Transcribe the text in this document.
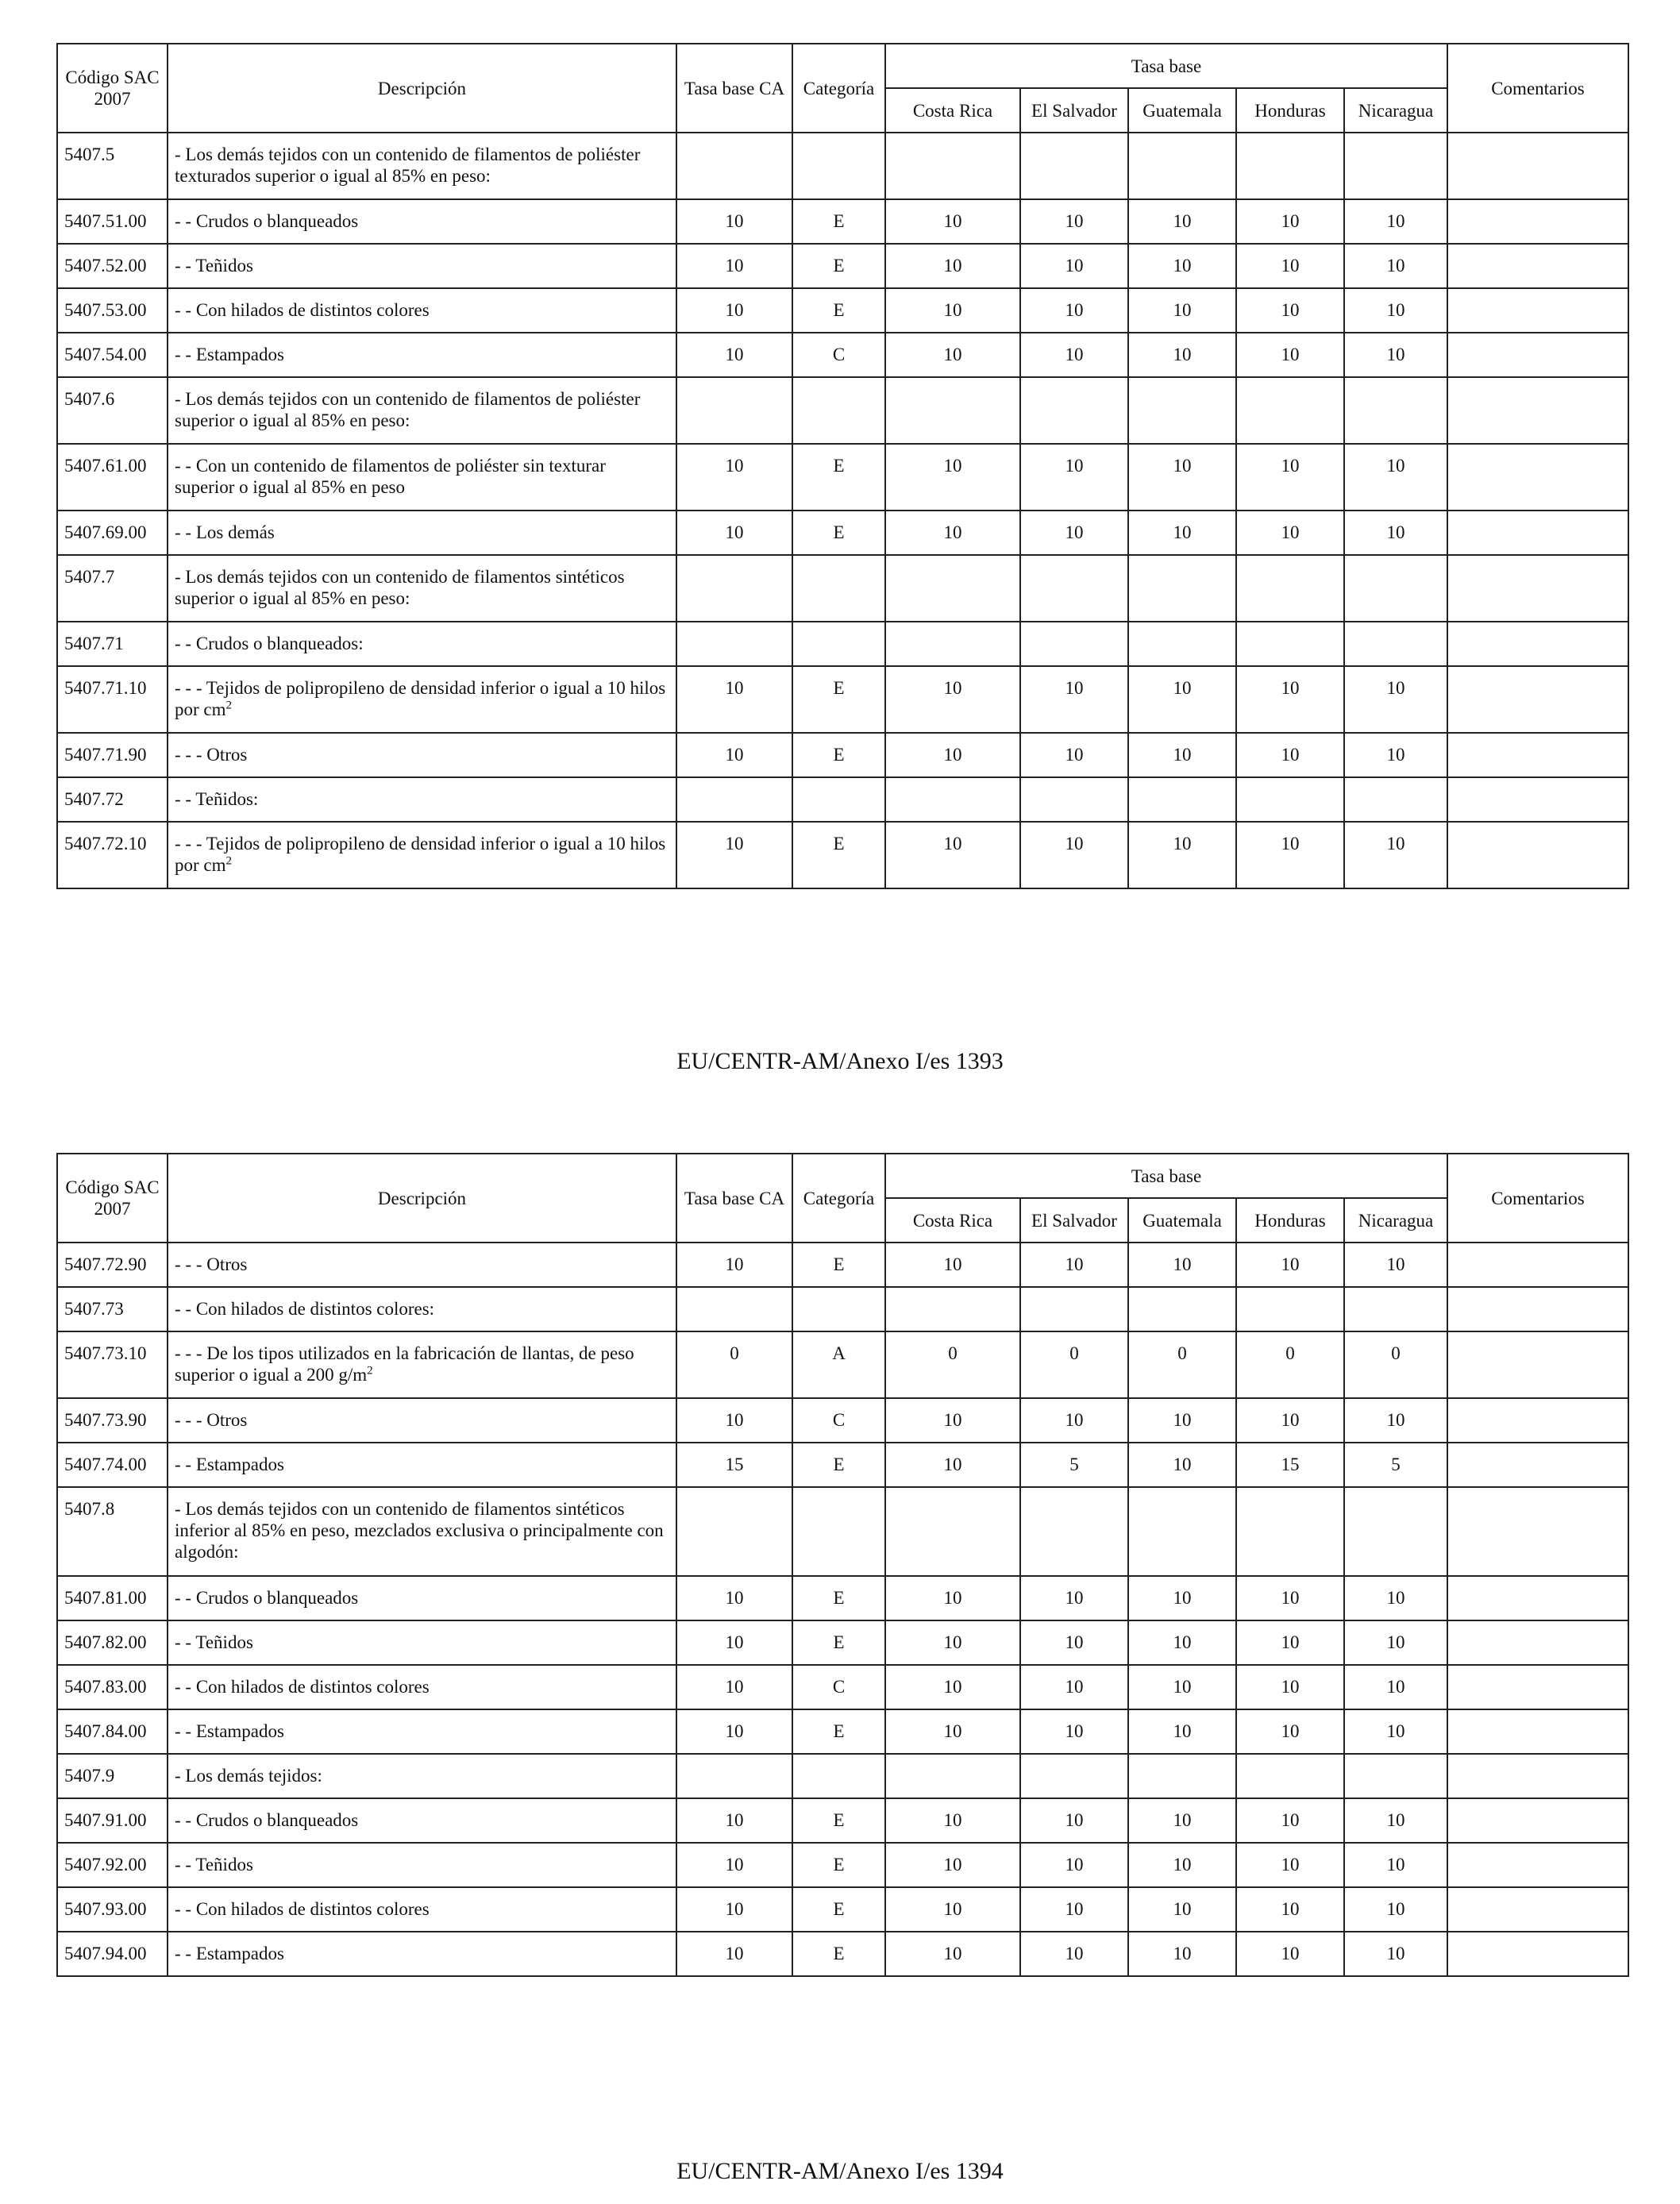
Código SAC 2007	Descripción	Tasa base CA	Categoría	Tasa base					Comentarios
				Costa Rica	El Salvador	Guatemala	Honduras	Nicaragua	
5407.5	- Los demás tejidos con un contenido de filamentos de poliéster texturados superior o igual al 85% en peso:								
5407.51.00	- - Crudos o blanqueados	10	E	10	10	10	10	10	
5407.52.00	- - Teñidos	10	E	10	10	10	10	10	
5407.53.00	- - Con hilados de distintos colores	10	E	10	10	10	10	10	
5407.54.00	- - Estampados	10	C	10	10	10	10	10	
5407.6	- Los demás tejidos con un contenido de filamentos de poliéster superior o igual al 85% en peso:								
5407.61.00	- - Con un contenido de filamentos de poliéster sin texturar superior o igual al 85% en peso	10	E	10	10	10	10	10	
5407.69.00	- - Los demás	10	E	10	10	10	10	10	
5407.7	- Los demás tejidos con un contenido de filamentos sintéticos superior o igual al 85% en peso:								
5407.71	- - Crudos o blanqueados:								
5407.71.10	- - - Tejidos de polipropileno de densidad inferior o igual a 10 hilos por $cm^2$	10	E	10	10	10	10	10	
5407.71.90	- - - Otros	10	E	10	10	10	10	10	
5407.72	- - Teñidos:								
5407.72.10	- - - Tejidos de polipropileno de densidad inferior o igual a 10 hilos por $cm^2$	10	E	10	10	10	10	10	
EU/CENTR-AM/Anexo I/es 1393
Código SAC 2007	Descripción	Tasa base CA	Categoría	Tasa base					Comentarios
				Costa Rica	El Salvador	Guatemala	Honduras	Nicaragua	
5407.72.90	- - - Otros	10	E	10	10	10	10	10	
5407.73	- - Con hilados de distintos colores:								
5407.73.10	- - - De los tipos utilizados en la fabricación de llantas, de peso superior o igual a 200 $g/m^2$	0	A	0	0	0	0	0	
5407.73.90	- - - Otros	10	C	10	10	10	10	10	
5407.74.00	- - Estampados	15	E	10	5	10	15	5	
5407.8	- Los demás tejidos con un contenido de filamentos sintéticos inferior al 85% en peso, mezclados exclusiva o principalmente con algodón:								
5407.81.00	- - Crudos o blanqueados	10	E	10	10	10	10	10	
5407.82.00	- - Teñidos	10	E	10	10	10	10	10	
5407.83.00	- - Con hilados de distintos colores	10	C	10	10	10	10	10	
5407.84.00	- - Estampados	10	E	10	10	10	10	10	
5407.9	- Los demás tejidos:								
5407.91.00	- - Crudos o blanqueados	10	E	10	10	10	10	10	
5407.92.00	- - Teñidos	10	E	10	10	10	10	10	
5407.93.00	- - Con hilados de distintos colores	10	E	10	10	10	10	10	
5407.94.00	- - Estampados	10	E	10	10	10	10	10	
EU/CENTR-AM/Anexo I/es 1394
